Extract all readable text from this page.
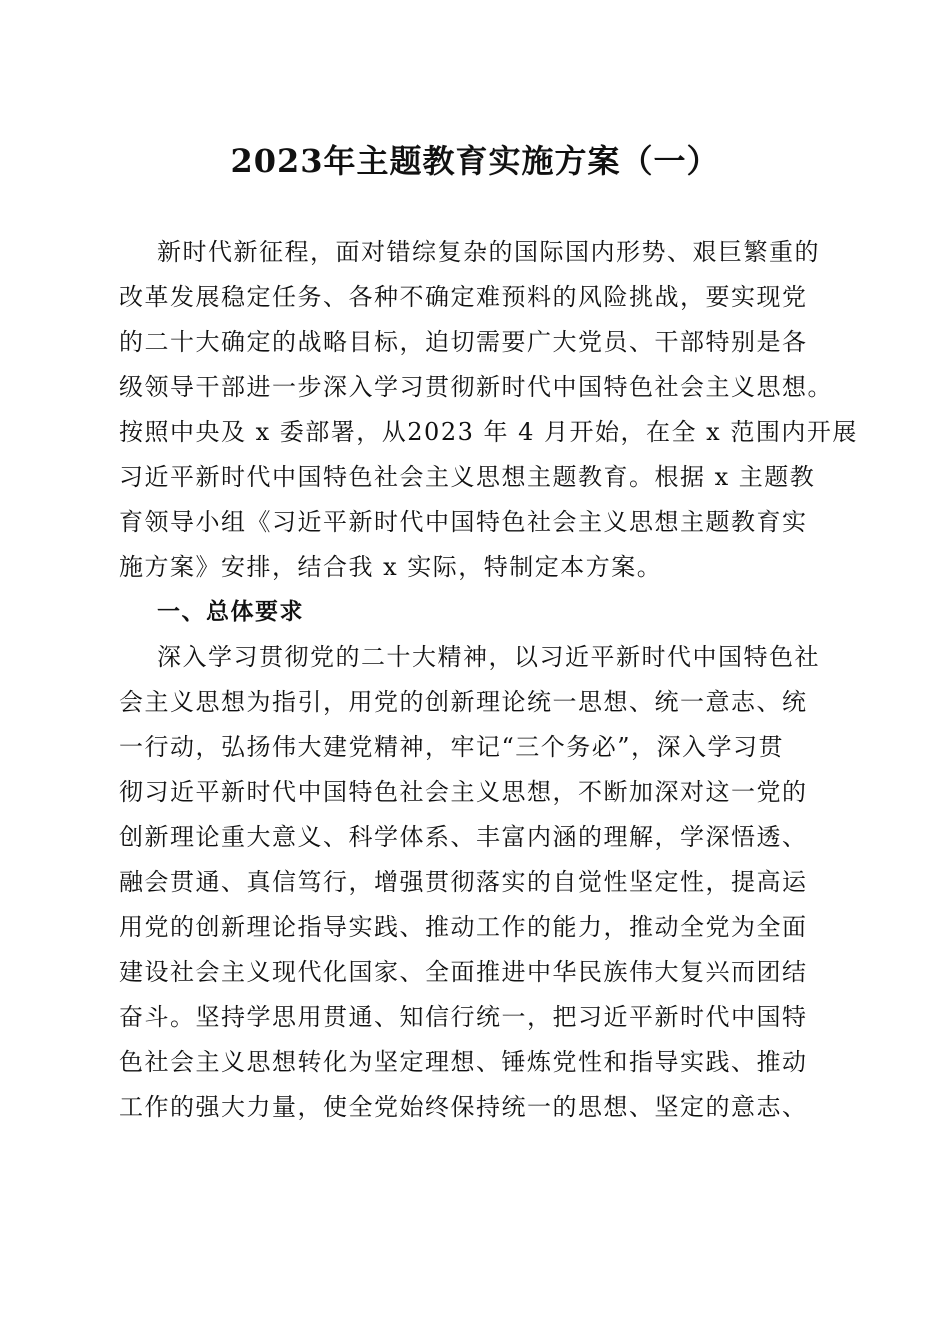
2023年主题教育实施方案（一）
新时代新征程，面对错综复杂的国际国内形势、艰巨繁重的
改革发展稳定任务、各种不确定难预料的风险挑战，要实现党
的二十大确定的战略目标，迫切需要广大党员、干部特别是各
级领导干部进一步深入学习贯彻新时代中国特色社会主义思想。
按照中央及 x 委部署，从2023 年 4 月开始，在全 x 范围内开展
习近平新时代中国特色社会主义思想主题教育。根据 x 主题教
育领导小组《习近平新时代中国特色社会主义思想主题教育实
施方案》安排，结合我 x 实际，特制定本方案。
一、总体要求
深入学习贯彻党的二十大精神，以习近平新时代中国特色社
会主义思想为指引，用党的创新理论统一思想、统一意志、统
一行动，弘扬伟大建党精神，牢记“三个务必”，深入学习贯
彻习近平新时代中国特色社会主义思想，不断加深对这一党的
创新理论重大意义、科学体系、丰富内涵的理解，学深悟透、
融会贯通、真信笃行，增强贯彻落实的自觉性坚定性，提高运
用党的创新理论指导实践、推动工作的能力，推动全党为全面
建设社会主义现代化国家、全面推进中华民族伟大复兴而团结
奋斗。坚持学思用贯通、知信行统一，把习近平新时代中国特
色社会主义思想转化为坚定理想、锤炼党性和指导实践、推动
工作的强大力量，使全党始终保持统一的思想、坚定的意志、
